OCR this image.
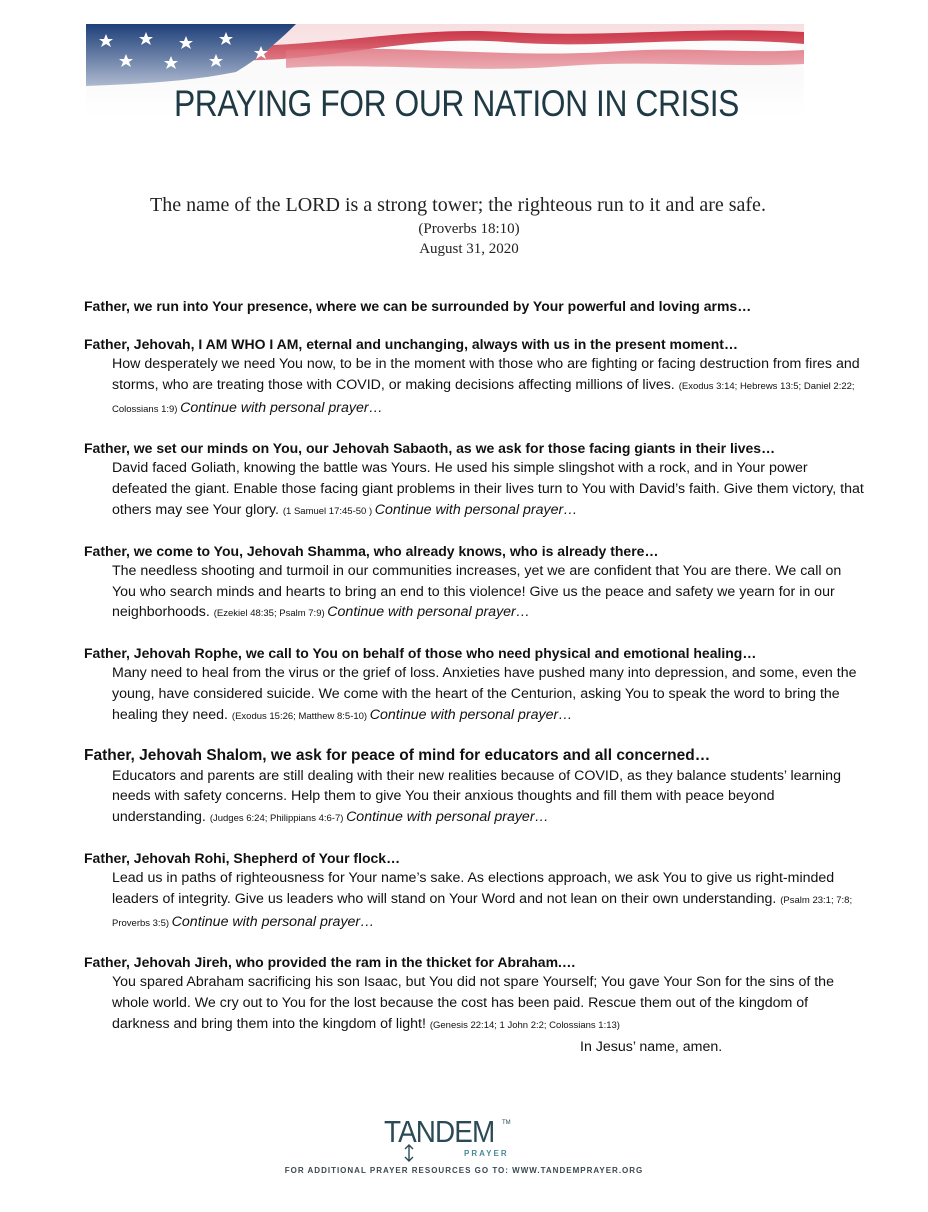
PRAYING FOR OUR NATION IN CRISIS
The name of the LORD is a strong tower; the righteous run to it and are safe.
(Proverbs 18:10)
August 31, 2020

Father, we run into Your presence, where we can be surrounded by Your powerful and loving arms…

Father, Jehovah, I AM WHO I AM, eternal and unchanging, always with us in the present moment…

How desperately we need You now, to be in the moment with those who are fighting or facing destruction from fires and storms, who are treating those with COVID, or making decisions affecting millions of lives. (Exodus 3:14; Hebrews 13:5; Daniel 2:22; Colossians 1:9) Continue with personal prayer…

Father, we set our minds on You, our Jehovah Sabaoth, as we ask for those facing giants in their lives…

David faced Goliath, knowing the battle was Yours. He used his simple slingshot with a rock, and in Your power defeated the giant. Enable those facing giant problems in their lives turn to You with David’s faith. Give them victory, that others may see Your glory. (1 Samuel 17:45-50 ) Continue with personal prayer…

Father, we come to You, Jehovah Shamma, who already knows, who is already there…

The needless shooting and turmoil in our communities increases, yet we are confident that You are there. We call on You who search minds and hearts to bring an end to this violence! Give us the peace and safety we yearn for in our neighborhoods. (Ezekiel 48:35; Psalm 7:9) Continue with personal prayer…

Father, Jehovah Rophe, we call to You on behalf of those who need physical and emotional healing…

Many need to heal from the virus or the grief of loss. Anxieties have pushed many into depression, and some, even the young, have considered suicide. We come with the heart of the Centurion, asking You to speak the word to bring the healing they need. (Exodus 15:26; Matthew 8:5-10) Continue with personal prayer…

Father, Jehovah Shalom, we ask for peace of mind for educators and all concerned…

Educators and parents are still dealing with their new realities because of COVID, as they balance students’ learning needs with safety concerns. Help them to give You their anxious thoughts and fill them with peace beyond understanding. (Judges 6:24; Philippians 4:6-7) Continue with personal prayer…

Father, Jehovah Rohi, Shepherd of Your flock…

Lead us in paths of righteousness for Your name’s sake. As elections approach, we ask You to give us right-minded leaders of integrity. Give us leaders who will stand on Your Word and not lean on their own understanding. (Psalm 23:1; 7:8; Proverbs 3:5) Continue with personal prayer…

Father, Jehovah Jireh, who provided the ram in the thicket for Abraham.…

You spared Abraham sacrificing his son Isaac, but You did not spare Yourself; You gave Your Son for the sins of the whole world. We cry out to You for the lost because the cost has been paid. Rescue them out of the kingdom of darkness and bring them into the kingdom of light! (Genesis 22:14; 1 John 2:2; Colossians 1:13)

In Jesus’ name, amen.

TANDEM TM
PRAYER
FOR ADDITIONAL PRAYER RESOURCES GO TO: WWW.TANDEMPRAYER.ORG
